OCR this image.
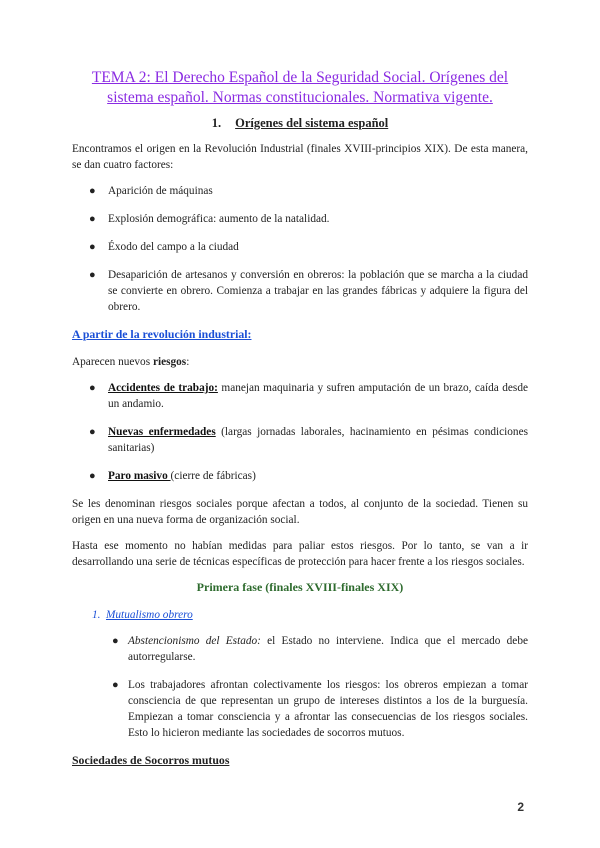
TEMA 2: El Derecho Español de la Seguridad Social. Orígenes del sistema español. Normas constitucionales. Normativa vigente.
1. Orígenes del sistema español

Encontramos el origen en la Revolución Industrial (finales XVIII-principios XIX). De esta manera, se dan cuatro factores:

● Aparición de máquinas
● Explosión demográfica: aumento de la natalidad.
● Éxodo del campo a la ciudad
● Desaparición de artesanos y conversión en obreros: la población que se marcha a la ciudad se convierte en obrero. Comienza a trabajar en las grandes fábricas y adquiere la figura del obrero.
A partir de la revolución industrial:

Aparecen nuevos riesgos:

● Accidentes de trabajo: manejan maquinaria y sufren amputación de un brazo, caída desde un andamio.
● Nuevas enfermedades (largas jornadas laborales, hacinamiento en pésimas condiciones sanitarias)
● Paro masivo (cierre de fábricas)

Se les denominan riesgos sociales porque afectan a todos, al conjunto de la sociedad. Tienen su origen en una nueva forma de organización social.

Hasta ese momento no habían medidas para paliar estos riesgos. Por lo tanto, se van a ir desarrollando una serie de técnicas específicas de protección para hacer frente a los riesgos sociales.

Primera fase (finales XVIII-finales XIX)
1. Mutualismo obrero
● Abstencionismo del Estado: el Estado no interviene. Indica que el mercado debe autorregularse.
● Los trabajadores afrontan colectivamente los riesgos: los obreros empiezan a tomar consciencia de que representan un grupo de intereses distintos a los de la burguesía. Empiezan a tomar consciencia y a afrontar las consecuencias de los riesgos sociales. Esto lo hicieron mediante las sociedades de socorros mutuos.
Sociedades de Socorros mutuos
2
